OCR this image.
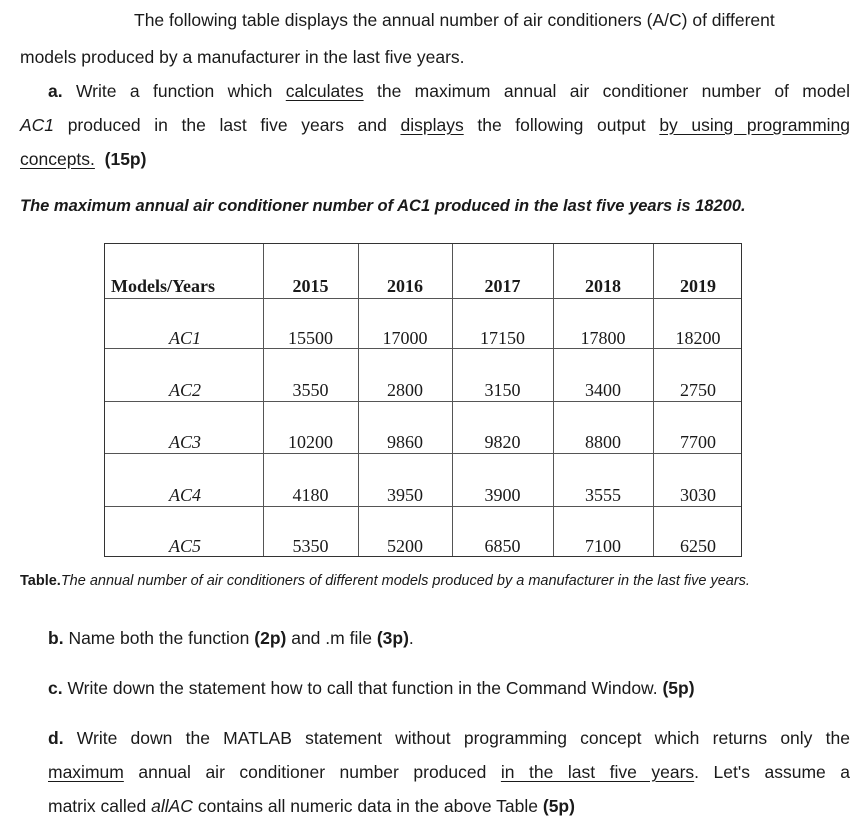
The following table displays the annual number of air conditioners (A/C) of different
models produced by a manufacturer in the last five years.
a. Write a function which calculates the maximum annual air conditioner number of model
AC1 produced in the last five years and displays the following output by using programming
concepts. (15p)
The maximum annual air conditioner number of AC1 produced in the last five years is 18200.
Models/Years	2015	2016	2017	2018	2019
AC1	15500	17000	17150	17800	18200
AC2	3550	2800	3150	3400	2750
AC3	10200	9860	9820	8800	7700
AC4	4180	3950	3900	3555	3030
AC5	5350	5200	6850	7100	6250
Table.The annual number of air conditioners of different models produced by a manufacturer in the last five years.
b. Name both the function (2p) and .m file (3p).
c. Write down the statement how to call that function in the Command Window. (5p)
d. Write down the MATLAB statement without programming concept which returns only the
maximum annual air conditioner number produced in the last five years. Let's assume a
matrix called allAC contains all numeric data in the above Table (5p)
